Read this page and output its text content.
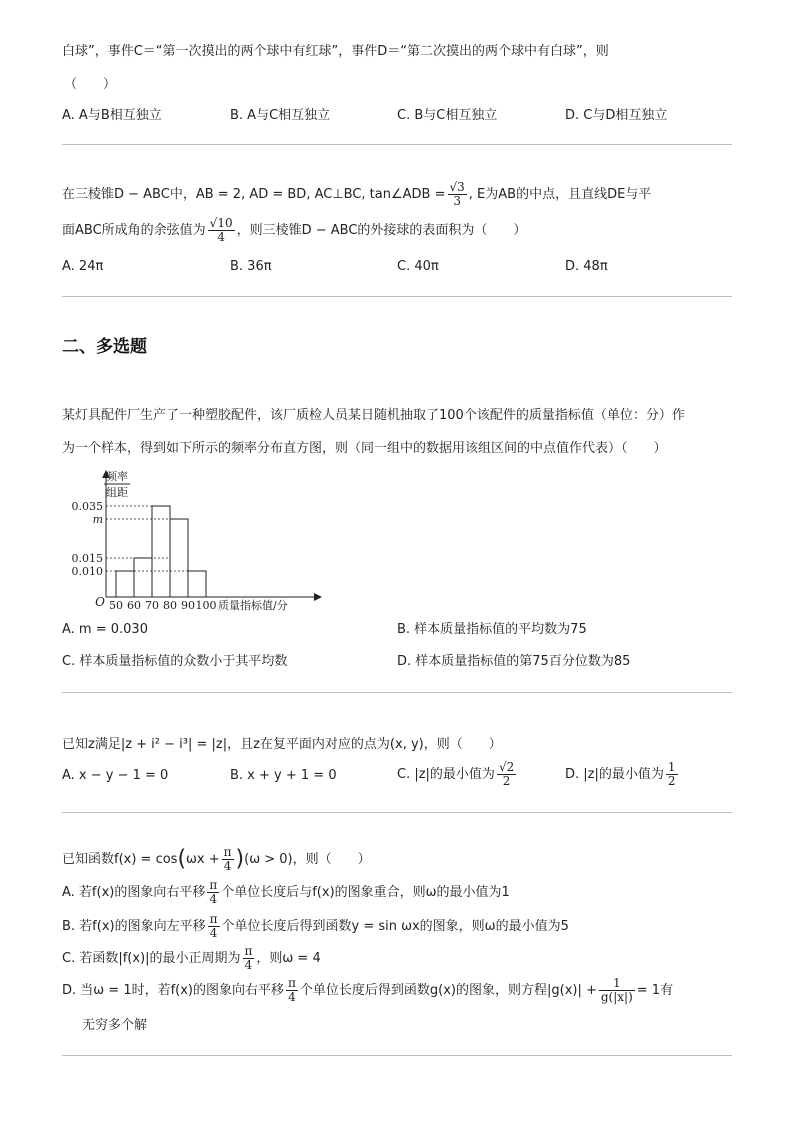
白球”，事件C＝“第一次摸出的两个球中有红球”，事件D＝“第二次摸出的两个球中有白球”，则
（　　）
A. A与B相互独立	B. A与C相互独立	C. B与C相互独立	D. C与D相互独立
在三棱锥D − ABC中，AB = 2, AD = BD, AC⊥BC, tan∠ADB = $\frac{√3}{3}$ , E为AB的中点，且直线DE与平
面ABC所成角的余弦值为 $\frac{√10}{4}$ ，则三棱锥D − ABC的外接球的表面积为（　　）
A. 24π	B. 36π	C. 40π	D. 48π
二、多选题
某灯具配件厂生产了一种塑胶配件，该厂质检人员某日随机抽取了100个该配件的质量指标值（单位：分）作
为一个样本，得到如下所示的频率分布直方图，则（同一组中的数据用该组区间的中点值作代表）（　　）
频率
组距
0.010
0.015
m
0.035
50 60 70 80 90 100
O	质量指标值/分
A. m = 0.030	B. 样本质量指标值的平均数为75
C. 样本质量指标值的众数小于其平均数	D. 样本质量指标值的第75百分位数为85
已知z满足|z + i² − i³| = |z|，且z在复平面内对应的点为(x, y)，则（　　）
A. x − y − 1 = 0	B. x + y + 1 = 0	C. |z|的最小值为 $\frac{√2}{2}$	D. |z|的最小值为 $\frac{1}{2}$
已知函数$f(x) = \cos(\omega x + \frac{\pi}{4} )(\omega > 0)$，则（　　）
A. 若f(x)的图象向右平移 $\frac{\pi}{4}$ 个单位长度后与f(x)的图象重合，则ω的最小值为1
B. 若f(x)的图象向左平移 $\frac{\pi}{4}$ 个单位长度后得到函数y = sin ωx的图象，则ω的最小值为5
C. 若函数|f(x)|的最小正周期为 $\frac{\pi}{4}$ ，则ω = 4
D. 当ω = 1时，若f(x)的图象向右平移 $\frac{\pi}{4}$ 个单位长度后得到函数g(x)的图象，则方程$|g(x)| + \frac{1}{g(|x|)} = 1$有
无穷多个解
